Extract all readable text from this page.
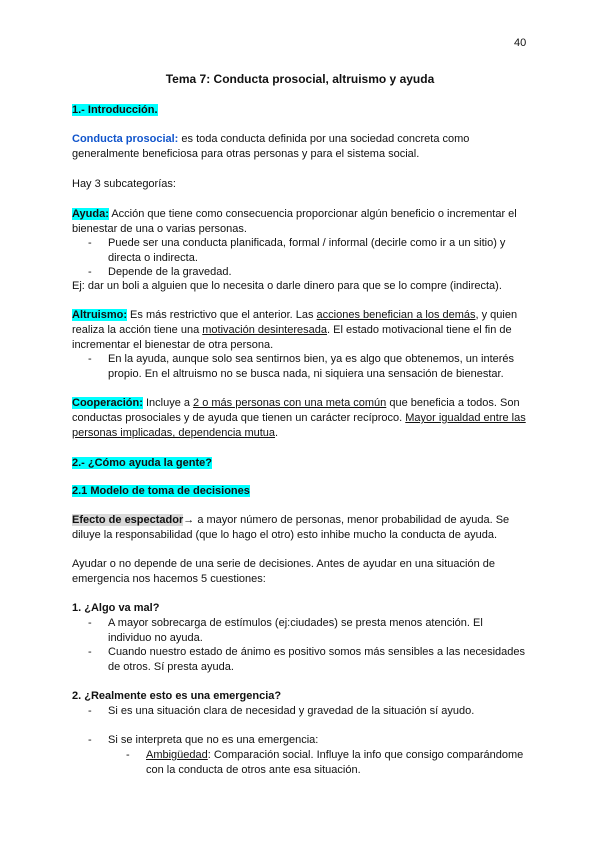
40
Tema 7: Conducta prosocial, altruismo y ayuda
1.- Introducción.
Conducta prosocial: es toda conducta definida por una sociedad concreta como generalmente beneficiosa para otras personas y para el sistema social.
Hay 3 subcategorías:
Ayuda: Acción que tiene como consecuencia proporcionar algún beneficio o incrementar el bienestar de una o varias personas.
- Puede ser una conducta planificada, formal / informal (decirle como ir a un sitio) y directa o indirecta.
- Depende de la gravedad.
Ej: dar un boli a alguien que lo necesita o darle dinero para que se lo compre (indirecta).
Altruismo: Es más restrictivo que el anterior. Las acciones benefician a los demás, y quien realiza la acción tiene una motivación desinteresada. El estado motivacional tiene el fin de incrementar el bienestar de otra persona.
- En la ayuda, aunque solo sea sentirnos bien, ya es algo que obtenemos, un interés propio. En el altruismo no se busca nada, ni siquiera una sensación de bienestar.
Cooperación: Incluye a 2 o más personas con una meta común que beneficia a todos. Son conductas prosociales y de ayuda que tienen un carácter recíproco. Mayor igualdad entre las personas implicadas, dependencia mutua.
2.- ¿Cómo ayuda la gente?
2.1 Modelo de toma de decisiones
Efecto de espectador→ a mayor número de personas, menor probabilidad de ayuda. Se diluye la responsabilidad (que lo hago el otro) esto inhibe mucho la conducta de ayuda.
Ayudar o no depende de una serie de decisiones. Antes de ayudar en una situación de emergencia nos hacemos 5 cuestiones:
1. ¿Algo va mal?
- A mayor sobrecarga de estímulos (ej:ciudades) se presta menos atención. El individuo no ayuda.
- Cuando nuestro estado de ánimo es positivo somos más sensibles a las necesidades de otros. Sí presta ayuda.
2. ¿Realmente esto es una emergencia?
- Si es una situación clara de necesidad y gravedad de la situación sí ayudo.
- Si se interpreta que no es una emergencia:
- Ambigüedad: Comparación social. Influye la info que consigo comparándome con la conducta de otros ante esa situación.
